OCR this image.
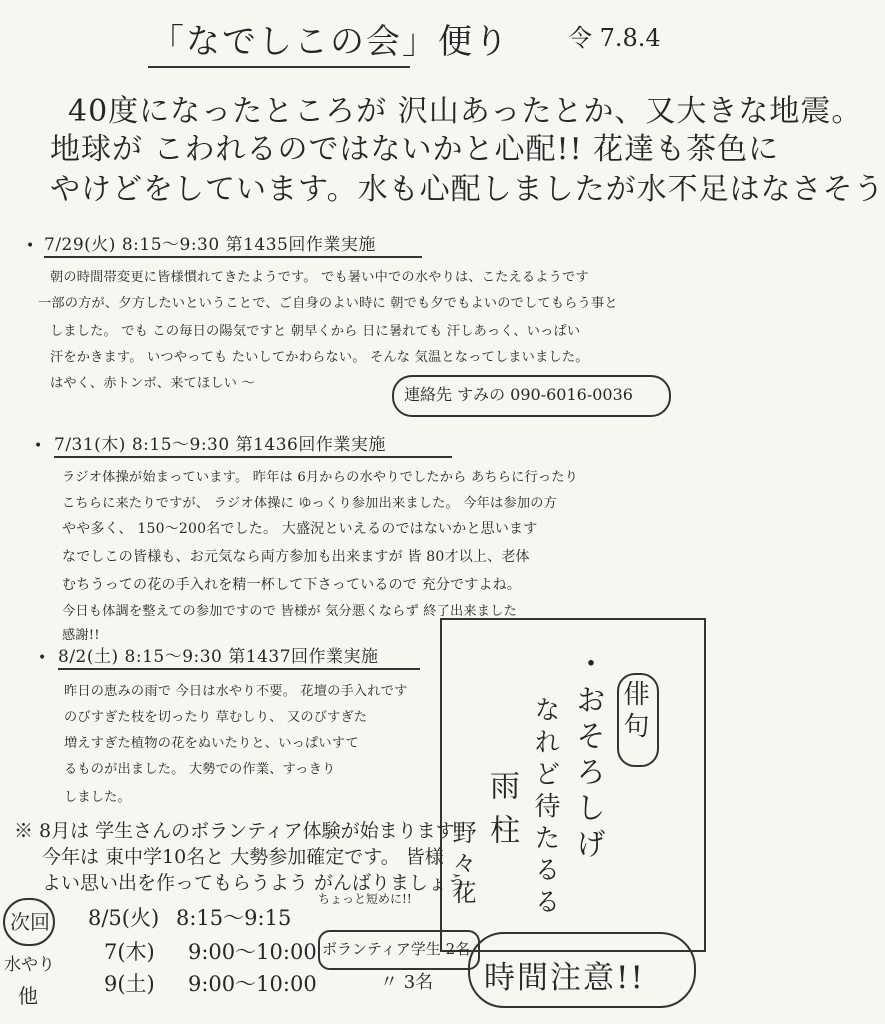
「なでしこの会」便り 令 7.8.4
40度になったところが 沢山あったとか、又大きな地震。
地球が こわれるのではないかと心配!! 花達も茶色に
やけどをしています。水も心配しましたが水不足はなさそう
• 7/29(火) 8:15〜9:30 第1435回作業実施
朝の時間帯変更に皆様慣れてきたようです。 でも暑い中での水やりは、こたえるようです
一部の方が、夕方したいということで、ご自身のよい時に 朝でも夕でもよいのでしてもらう事と
しました。 でも この毎日の陽気ですと 朝早くから 日に暑れても 汗しあっく、いっぱい
汗をかきます。 いつやっても たいしてかわらない。 そんな 気温となってしまいました。
はやく、赤トンボ、来てほしい 〜
連絡先 すみの 090-6016-0036
• 7/31(木) 8:15〜9:30 第1436回作業実施
ラジオ体操が始まっています。 昨年は 6月からの水やりでしたから あちらに行ったり
こちらに来たりですが、 ラジオ体操に ゆっくり参加出来ました。 今年は参加の方
やや多く、 150〜200名でした。 大盛況といえるのではないかと思います
なでしこの皆様も、お元気なら両方参加も出来ますが 皆 80才以上、老体
むちうっての花の手入れを精一杯して下さっているので 充分ですよね。
今日も体調を整えての参加ですので 皆様が 気分悪くならず 終了出来ました
感謝!!
俳句
・おそろしげ
なれど待たるる
雨柱
野々花
• 8/2(土) 8:15〜9:30 第1437回作業実施
昨日の恵みの雨で 今日は水やり不要。 花壇の手入れです
のびすぎた枝を切ったり 草むしり、 又のびすぎた
増えすぎた植物の花をぬいたりと、いっぱいすて
るものが出ました。 大勢での作業、すっきり
しました。
※ 8月は 学生さんのボランティア体験が始まります
今年は 東中学10名と 大勢参加確定です。 皆様
よい思い出を作ってもらうよう がんばりましょう
ちょっと短めに!!
次回
水やり
他
8/5(火) 8:15〜9:15
7(木) 9:00〜10:00 ボランティア学生 2名
9(土) 9:00〜10:00	〃 3名 時間注意!!
